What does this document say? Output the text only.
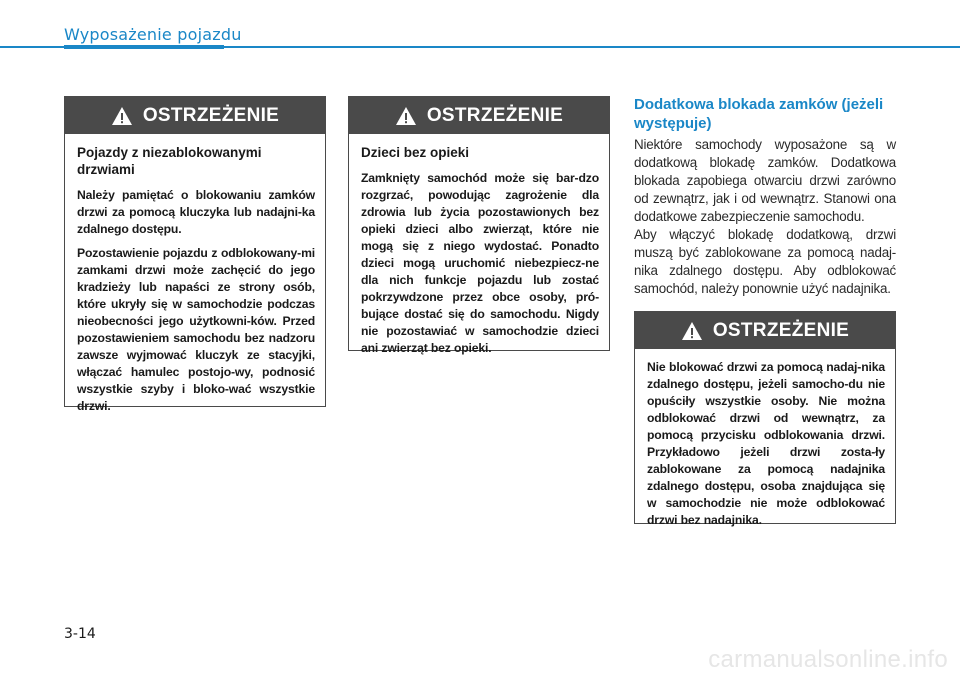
Wyposażenie pojazdu
OSTRZEŻENIE

Pojazdy z niezablokowanymi drzwiami

Należy pamiętać o blokowaniu zamków drzwi za pomocą kluczyka lub nadajni-ka zdalnego dostępu.

Pozostawienie pojazdu z odblokowany-mi zamkami drzwi może zachęcić do jego kradzieży lub napaści ze strony osób, które ukryły się w samochodzie podczas nieobecności jego użytkowni-ków. Przed pozostawieniem samochodu bez nadzoru zawsze wyjmować kluczyk ze stacyjki, włączać hamulec postojo-wy, podnosić wszystkie szyby i bloko-wać wszystkie drzwi.

OSTRZEŻENIE

Dzieci bez opieki

Zamknięty samochód może się bar-dzo rozgrzać, powodując zagrożenie dla zdrowia lub życia pozostawionych bez opieki dzieci albo zwierząt, które nie mogą się z niego wydostać. Ponadto dzieci mogą uruchomić niebezpiecz-ne dla nich funkcje pojazdu lub zostać pokrzywdzone przez obce osoby, pró-bujące dostać się do samochodu. Nigdy nie pozostawiać w samochodzie dzieci ani zwierząt bez opieki.

Dodatkowa blokada zamków (jeżeli występuje)

Niektóre samochody wyposażone są w dodatkową blokadę zamków. Dodatkowa blokada zapobiega otwarciu drzwi zarówno od zewnątrz, jak i od wewnątrz. Stanowi ona dodatkowe zabezpieczenie samochodu.

Aby włączyć blokadę dodatkową, drzwi muszą być zablokowane za pomocą nadaj-nika zdalnego dostępu. Aby odblokować samochód, należy ponownie użyć nadajnika.

OSTRZEŻENIE

Nie blokować drzwi za pomocą nadaj-nika zdalnego dostępu, jeżeli samocho-du nie opuściły wszystkie osoby. Nie można odblokować drzwi od wewnątrz, za pomocą przycisku odblokowania drzwi. Przykładowo jeżeli drzwi zosta-ły zablokowane za pomocą nadajnika zdalnego dostępu, osoba znajdująca się w samochodzie nie może odblokować drzwi bez nadajnika.

3-14
carmanualsonline.info
